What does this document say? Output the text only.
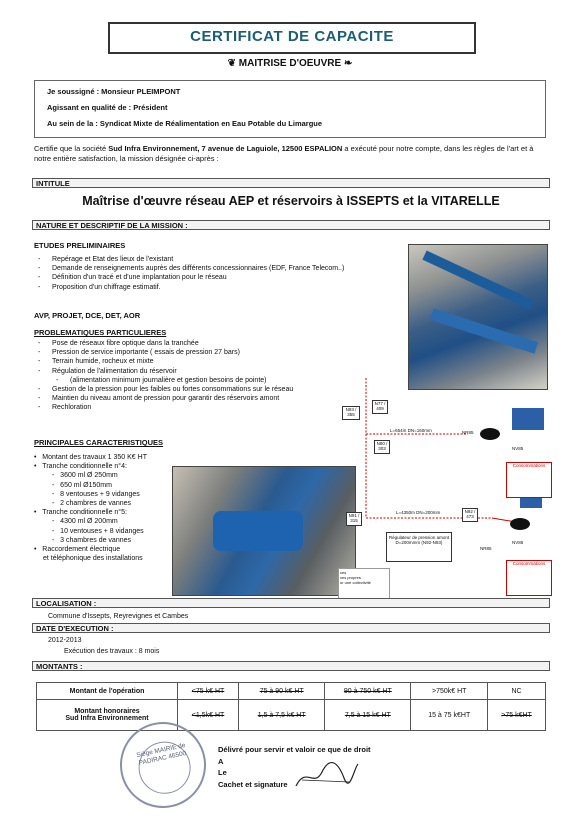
CERTIFICAT DE CAPACITE
❦ MAITRISE D'OEUVRE ❧
Je soussigné : Monsieur PLEIMPONT
Agissant en qualité de : Président
Au sein de la : Syndicat Mixte de Réalimentation en Eau Potable du Limargue
Certifie que la société Sud Infra Environnement, 7 avenue de Laguiole, 12500 ESPALION a exécuté pour notre compte, dans les règles de l'art et à notre entière satisfaction, la mission désignée ci-après :
INTITULE
Maîtrise d'œuvre réseau AEP et réservoirs à ISSEPTS et la VITARELLE
NATURE ET DESCRIPTIF DE LA MISSION :
ETUDES PRELIMINAIRES
- Repérage et Etat des lieux de l'existant
- Demande de renseignements auprès des différents concessionnaires (EDF, France Telecom..)
- Définition d'un tracé et d'une implantation pour le réseau
- Proposition d'un chiffrage estimatif.
AVP, PROJET, DCE, DET, AOR
PROBLEMATIQUES PARTICULIERES
- Pose de réseaux fibre optique dans la tranchée
- Pression de service importante ( essais de pression 27 bars)
- Terrain humide, rocheux et mixte
- Régulation de l'alimentation du réservoir
- (alimentation minimum journalière et gestion besoins de pointe)
- Gestion de la pression pour les faibles ou fortes consommations sur le réseau
- Maintien du niveau amont de pression pour garantir des réservoirs amont
- Rechloration
PRINCIPALES CARACTERISTIQUES
•   Montant des travaux 1 350 K€ HT
•   Tranche conditionnelle n°4:
-   3600 ml Ø 250mm
-   650 ml Ø150mm
-   8 ventouses + 9 vidanges
-   2 chambres de vannes
•   Tranche conditionnelle n°5:
-   4300 ml Ø 200mm
-   10 ventouses + 8 vidanges
-   3 chambres de vannes
•   Raccordement électrique
et téléphonique des installations
ces
ces propres
ur une collectivité
N93 / 355
N77 / 409
N80 / 303
N91 / 315
N92 / 473
NV85
NV85
NR85
NR85
L=654m DN=160mm
L=4350m DN=200mm
Régulateur de pression amont D=200mmm (N92-N93)
Consommations
Consommations
LOCALISATION :
Commune d'Issepts, Reyrevignes et Cambes
DATE D'EXECUTION :
2012-2013
Exécution des travaux : 8 mois
MONTANTS :
Montant de l'opération	<75 k€ HT	75 à 90 k€ HT	90 à 750 k€ HT	>750k€ HT	NC

Montant honoraires
Sud Infra Environnement	<1,5k€ HT	1,5 à 7,5 k€ HT	7,5 à 15 k€ HT	15 à 75 k€HT	>75 k€HT
Siège MAIRIE de PADIRAC 46500
Délivré pour servir et valoir ce que de droit
A
Le
Cachet et signature
